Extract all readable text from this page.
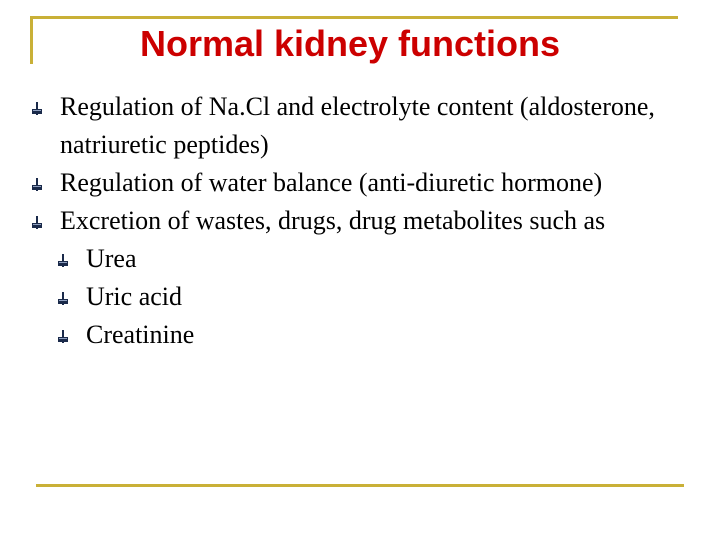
Normal kidney functions
Regulation of Na.Cl and electrolyte content (aldosterone, natriuretic peptides)
Regulation of water balance (anti-diuretic hormone)
Excretion of wastes, drugs, drug metabolites such as
Urea
Uric acid
Creatinine
